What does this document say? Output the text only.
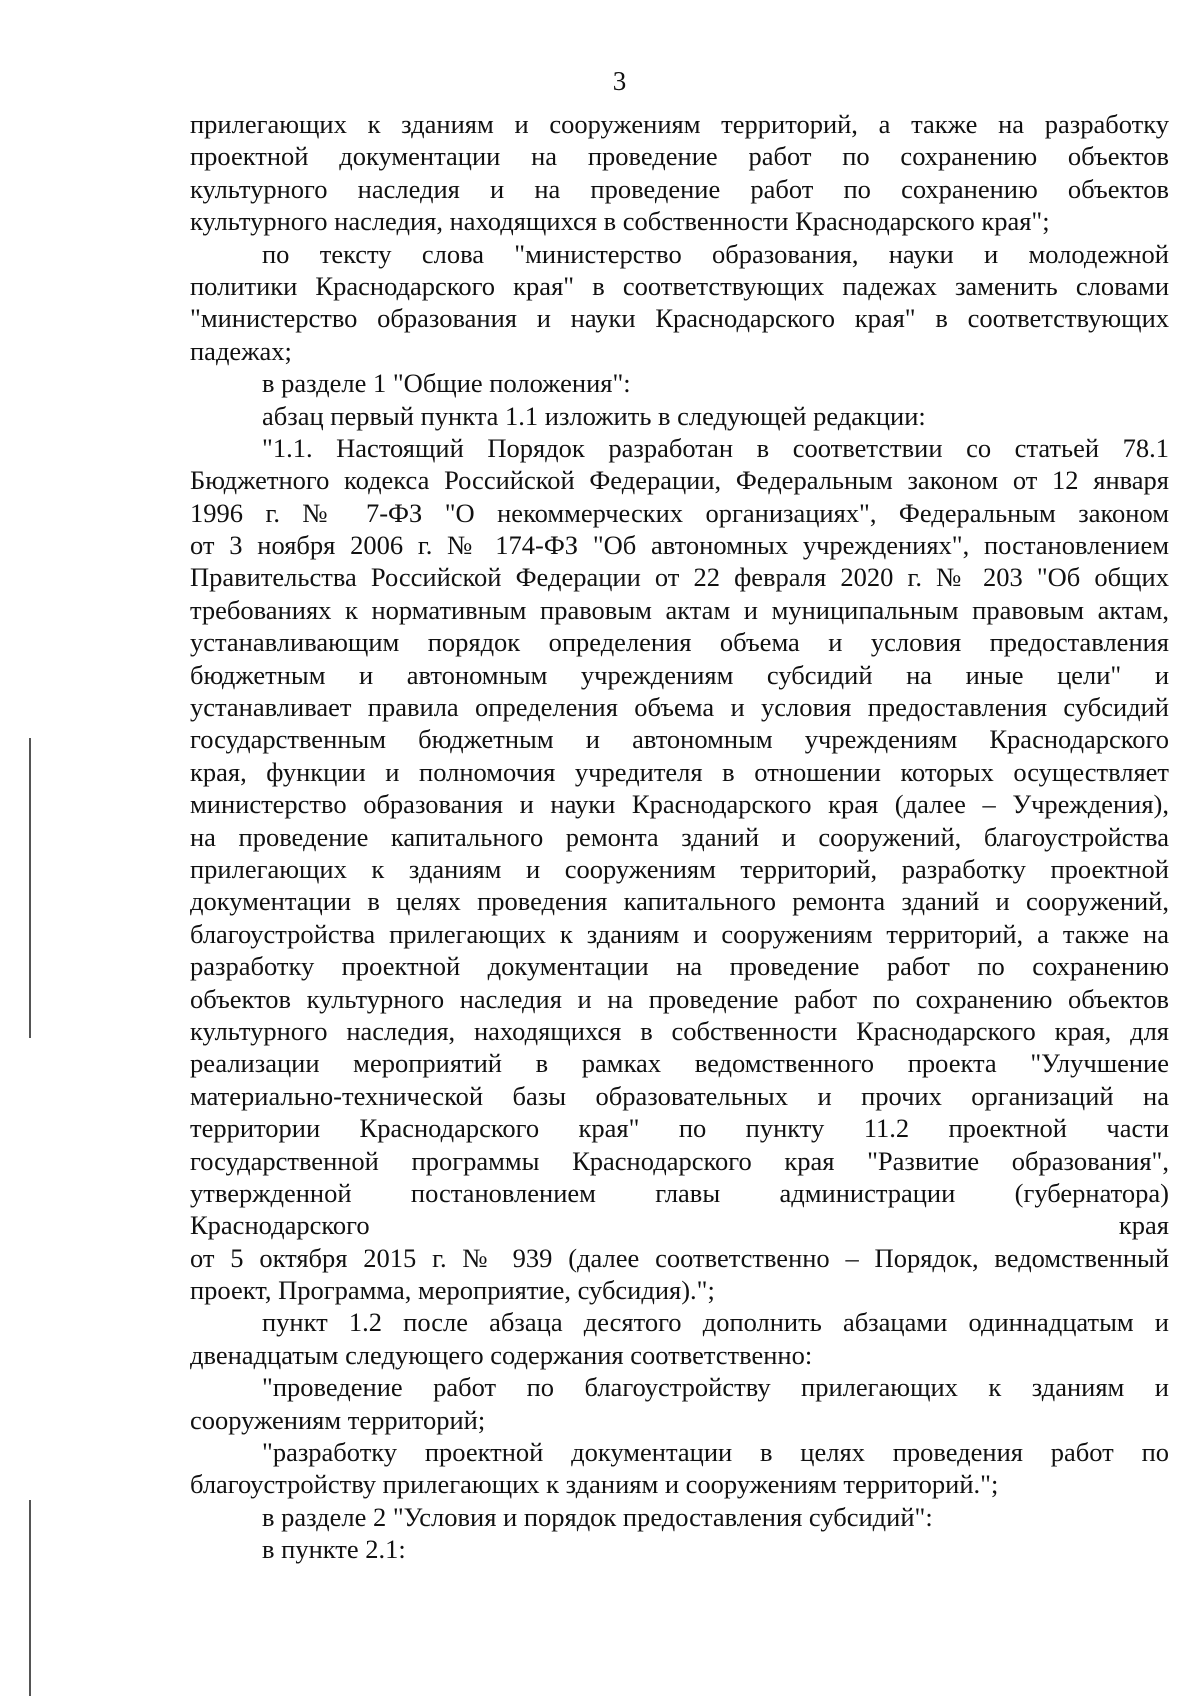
3
прилегающих к зданиям и сооружениям территорий, а также на разработку
проектной документации на проведение работ по сохранению объектов
культурного наследия и на проведение работ по сохранению объектов
культурного наследия, находящихся в собственности Краснодарского края";
по тексту слова "министерство образования, науки и молодежной
политики Краснодарского края" в соответствующих падежах заменить словами
"министерство образования и науки Краснодарского края" в соответствующих
падежах;
в разделе 1 "Общие положения":
абзац первый пункта 1.1 изложить в следующей редакции:
"1.1. Настоящий Порядок разработан в соответствии со статьей 78.1
Бюджетного кодекса Российской Федерации, Федеральным законом от 12 января
1996 г. № 7-ФЗ "О некоммерческих организациях", Федеральным законом
от 3 ноября 2006 г. № 174-ФЗ "Об автономных учреждениях", постановлением
Правительства Российской Федерации от 22 февраля 2020 г. № 203 "Об общих
требованиях к нормативным правовым актам и муниципальным правовым актам,
устанавливающим порядок определения объема и условия предоставления
бюджетным и автономным учреждениям субсидий на иные цели" и
устанавливает правила определения объема и условия предоставления субсидий
государственным бюджетным и автономным учреждениям Краснодарского
края, функции и полномочия учредителя в отношении которых осуществляет
министерство образования и науки Краснодарского края (далее – Учреждения),
на проведение капитального ремонта зданий и сооружений, благоустройства
прилегающих к зданиям и сооружениям территорий, разработку проектной
документации в целях проведения капитального ремонта зданий и сооружений,
благоустройства прилегающих к зданиям и сооружениям территорий, а также на
разработку проектной документации на проведение работ по сохранению
объектов культурного наследия и на проведение работ по сохранению объектов
культурного наследия, находящихся в собственности Краснодарского края, для
реализации мероприятий в рамках ведомственного проекта "Улучшение
материально-технической базы образовательных и прочих организаций на
территории Краснодарского края" по пункту 11.2 проектной части
государственной программы Краснодарского края "Развитие образования",
утвержденной постановлением главы администрации (губернатора)
Краснодарского края
от 5 октября 2015 г. № 939 (далее соответственно – Порядок, ведомственный
проект, Программа, мероприятие, субсидия).";
пункт 1.2 после абзаца десятого дополнить абзацами одиннадцатым и
двенадцатым следующего содержания соответственно:
"проведение работ по благоустройству прилегающих к зданиям и
сооружениям территорий;
"разработку проектной документации в целях проведения работ по
благоустройству прилегающих к зданиям и сооружениям территорий.";
в разделе 2 "Условия и порядок предоставления субсидий":
в пункте 2.1:
